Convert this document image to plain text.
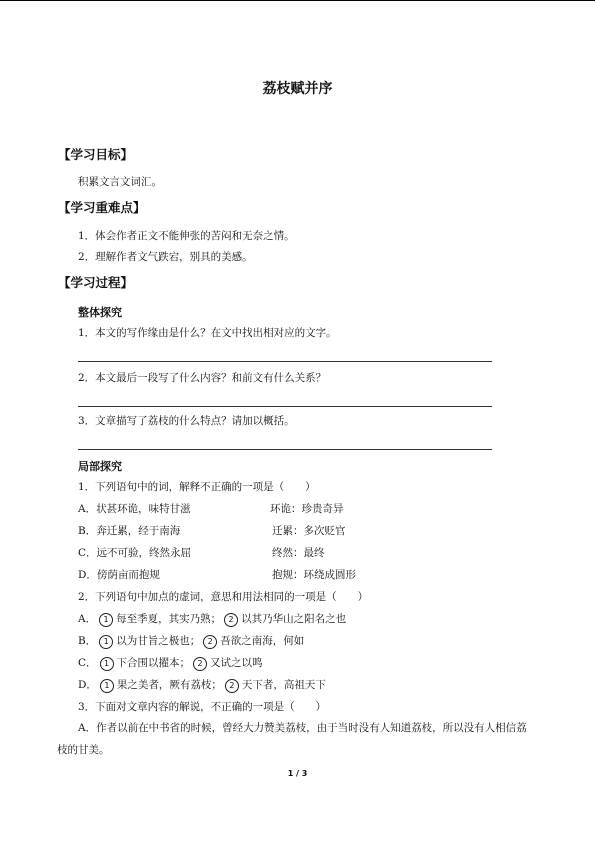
荔枝赋并序
【学习目标】
积累文言文词汇。
【学习重难点】
1．体会作者正文不能伸张的苦闷和无奈之情。
2．理解作者文气跌宕，别具的美感。
【学习过程】
整体探究
1．本文的写作缘由是什么？在文中找出相对应的文字。
2．本文最后一段写了什么内容？和前文有什么关系？
3．文章描写了荔枝的什么特点？请加以概括。
局部探究
1．下列语句中的词，解释不正确的一项是（　　）
A．状甚环诡，味特甘滋	环诡：珍贵奇异
B．奔迁累，经于南海	迁累：多次贬官
C．远不可验，终然永屈	终然：最终
D．傍荫亩而抱规	抱规：环绕成圆形
2．下列语句中加点的虚词，意思和用法相同的一项是（　　）
A． 1 每至季夏，其实乃熟； 2 以其乃华山之阳名之也
B． 1 以为甘旨之极也； 2 吾欲之南海，何如
C． 1 下合围以擢本； 2 又试之以鸣
D． 1 果之美者，厥有荔枝； 2 天下者，高祖天下
3．下面对文章内容的解说，不正确的一项是（　　）
A．作者以前在中书省的时候，曾经大力赞美荔枝，由于当时没有人知道荔枝，所以没有人相信荔枝的甘美。
1 / 3
